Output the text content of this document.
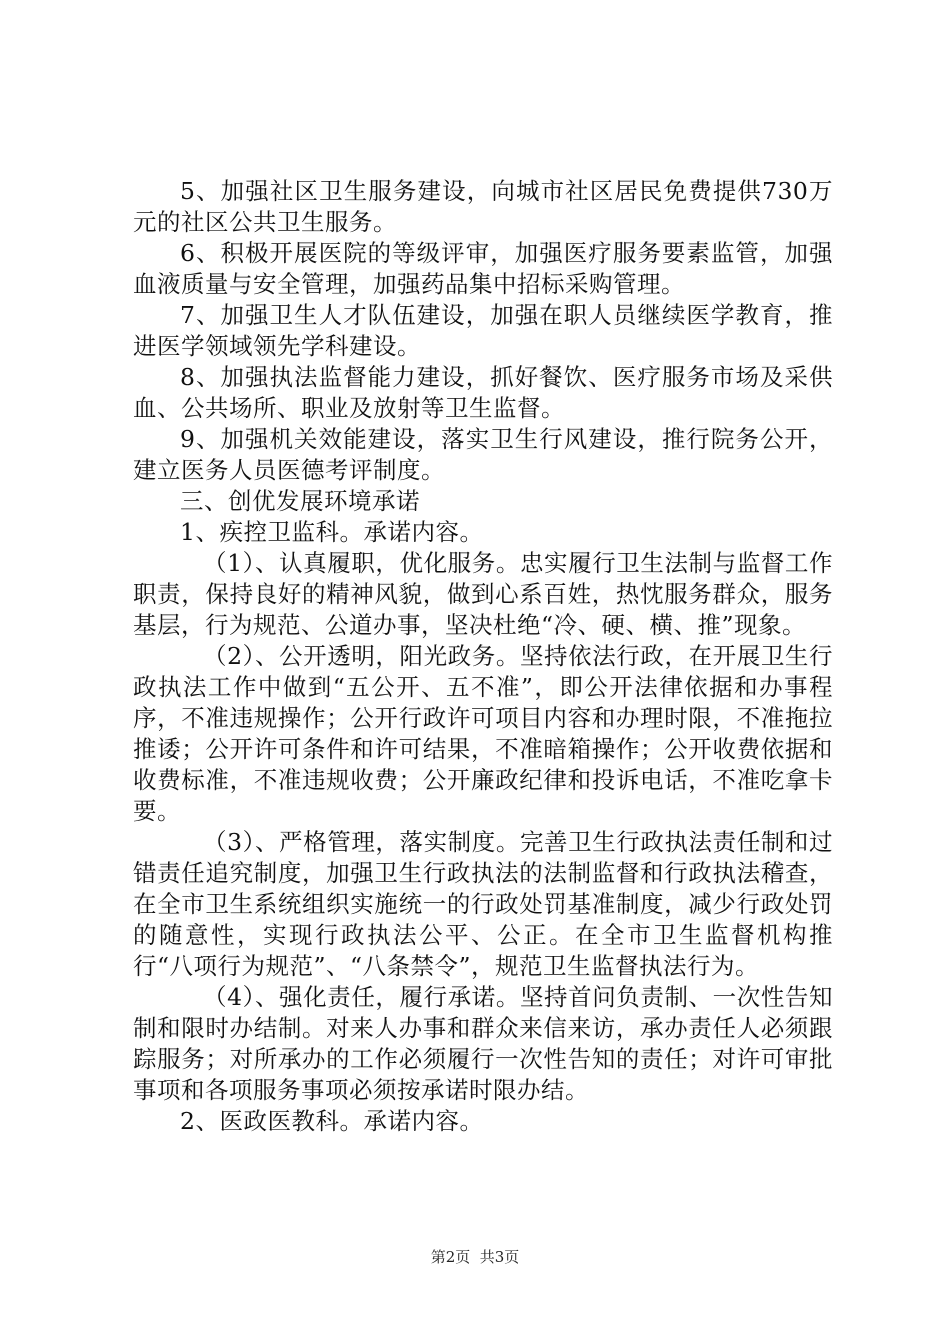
5、加强社区卫生服务建设，向城市社区居民免费提供730万元的社区公共卫生服务。

6、积极开展医院的等级评审，加强医疗服务要素监管，加强血液质量与安全管理，加强药品集中招标采购管理。

7、加强卫生人才队伍建设，加强在职人员继续医学教育，推进医学领域领先学科建设。

8、加强执法监督能力建设，抓好餐饮、医疗服务市场及采供血、公共场所、职业及放射等卫生监督。

9、加强机关效能建设，落实卫生行风建设，推行院务公开，建立医务人员医德考评制度。

三、创优发展环境承诺

1、疾控卫监科。承诺内容。

（1）、认真履职，优化服务。忠实履行卫生法制与监督工作职责，保持良好的精神风貌，做到心系百姓，热忱服务群众，服务基层，行为规范、公道办事，坚决杜绝“冷、硬、横、推”现象。

（2）、公开透明，阳光政务。坚持依法行政，在开展卫生行政执法工作中做到“五公开、五不准”，即公开法律依据和办事程序，不准违规操作；公开行政许可项目内容和办理时限，不准拖拉推诿；公开许可条件和许可结果，不准暗箱操作；公开收费依据和收费标准，不准违规收费；公开廉政纪律和投诉电话，不准吃拿卡要。

（3）、严格管理，落实制度。完善卫生行政执法责任制和过错责任追究制度，加强卫生行政执法的法制监督和行政执法稽查，在全市卫生系统组织实施统一的行政处罚基准制度，减少行政处罚的随意性，实现行政执法公平、公正。在全市卫生监督机构推行“八项行为规范”、“八条禁令”，规范卫生监督执法行为。

（4）、强化责任，履行承诺。坚持首问负责制、一次性告知制和限时办结制。对来人办事和群众来信来访，承办责任人必须跟踪服务；对所承办的工作必须履行一次性告知的责任；对许可审批事项和各项服务事项必须按承诺时限办结。

2、医政医教科。承诺内容。

第2页  共3页
